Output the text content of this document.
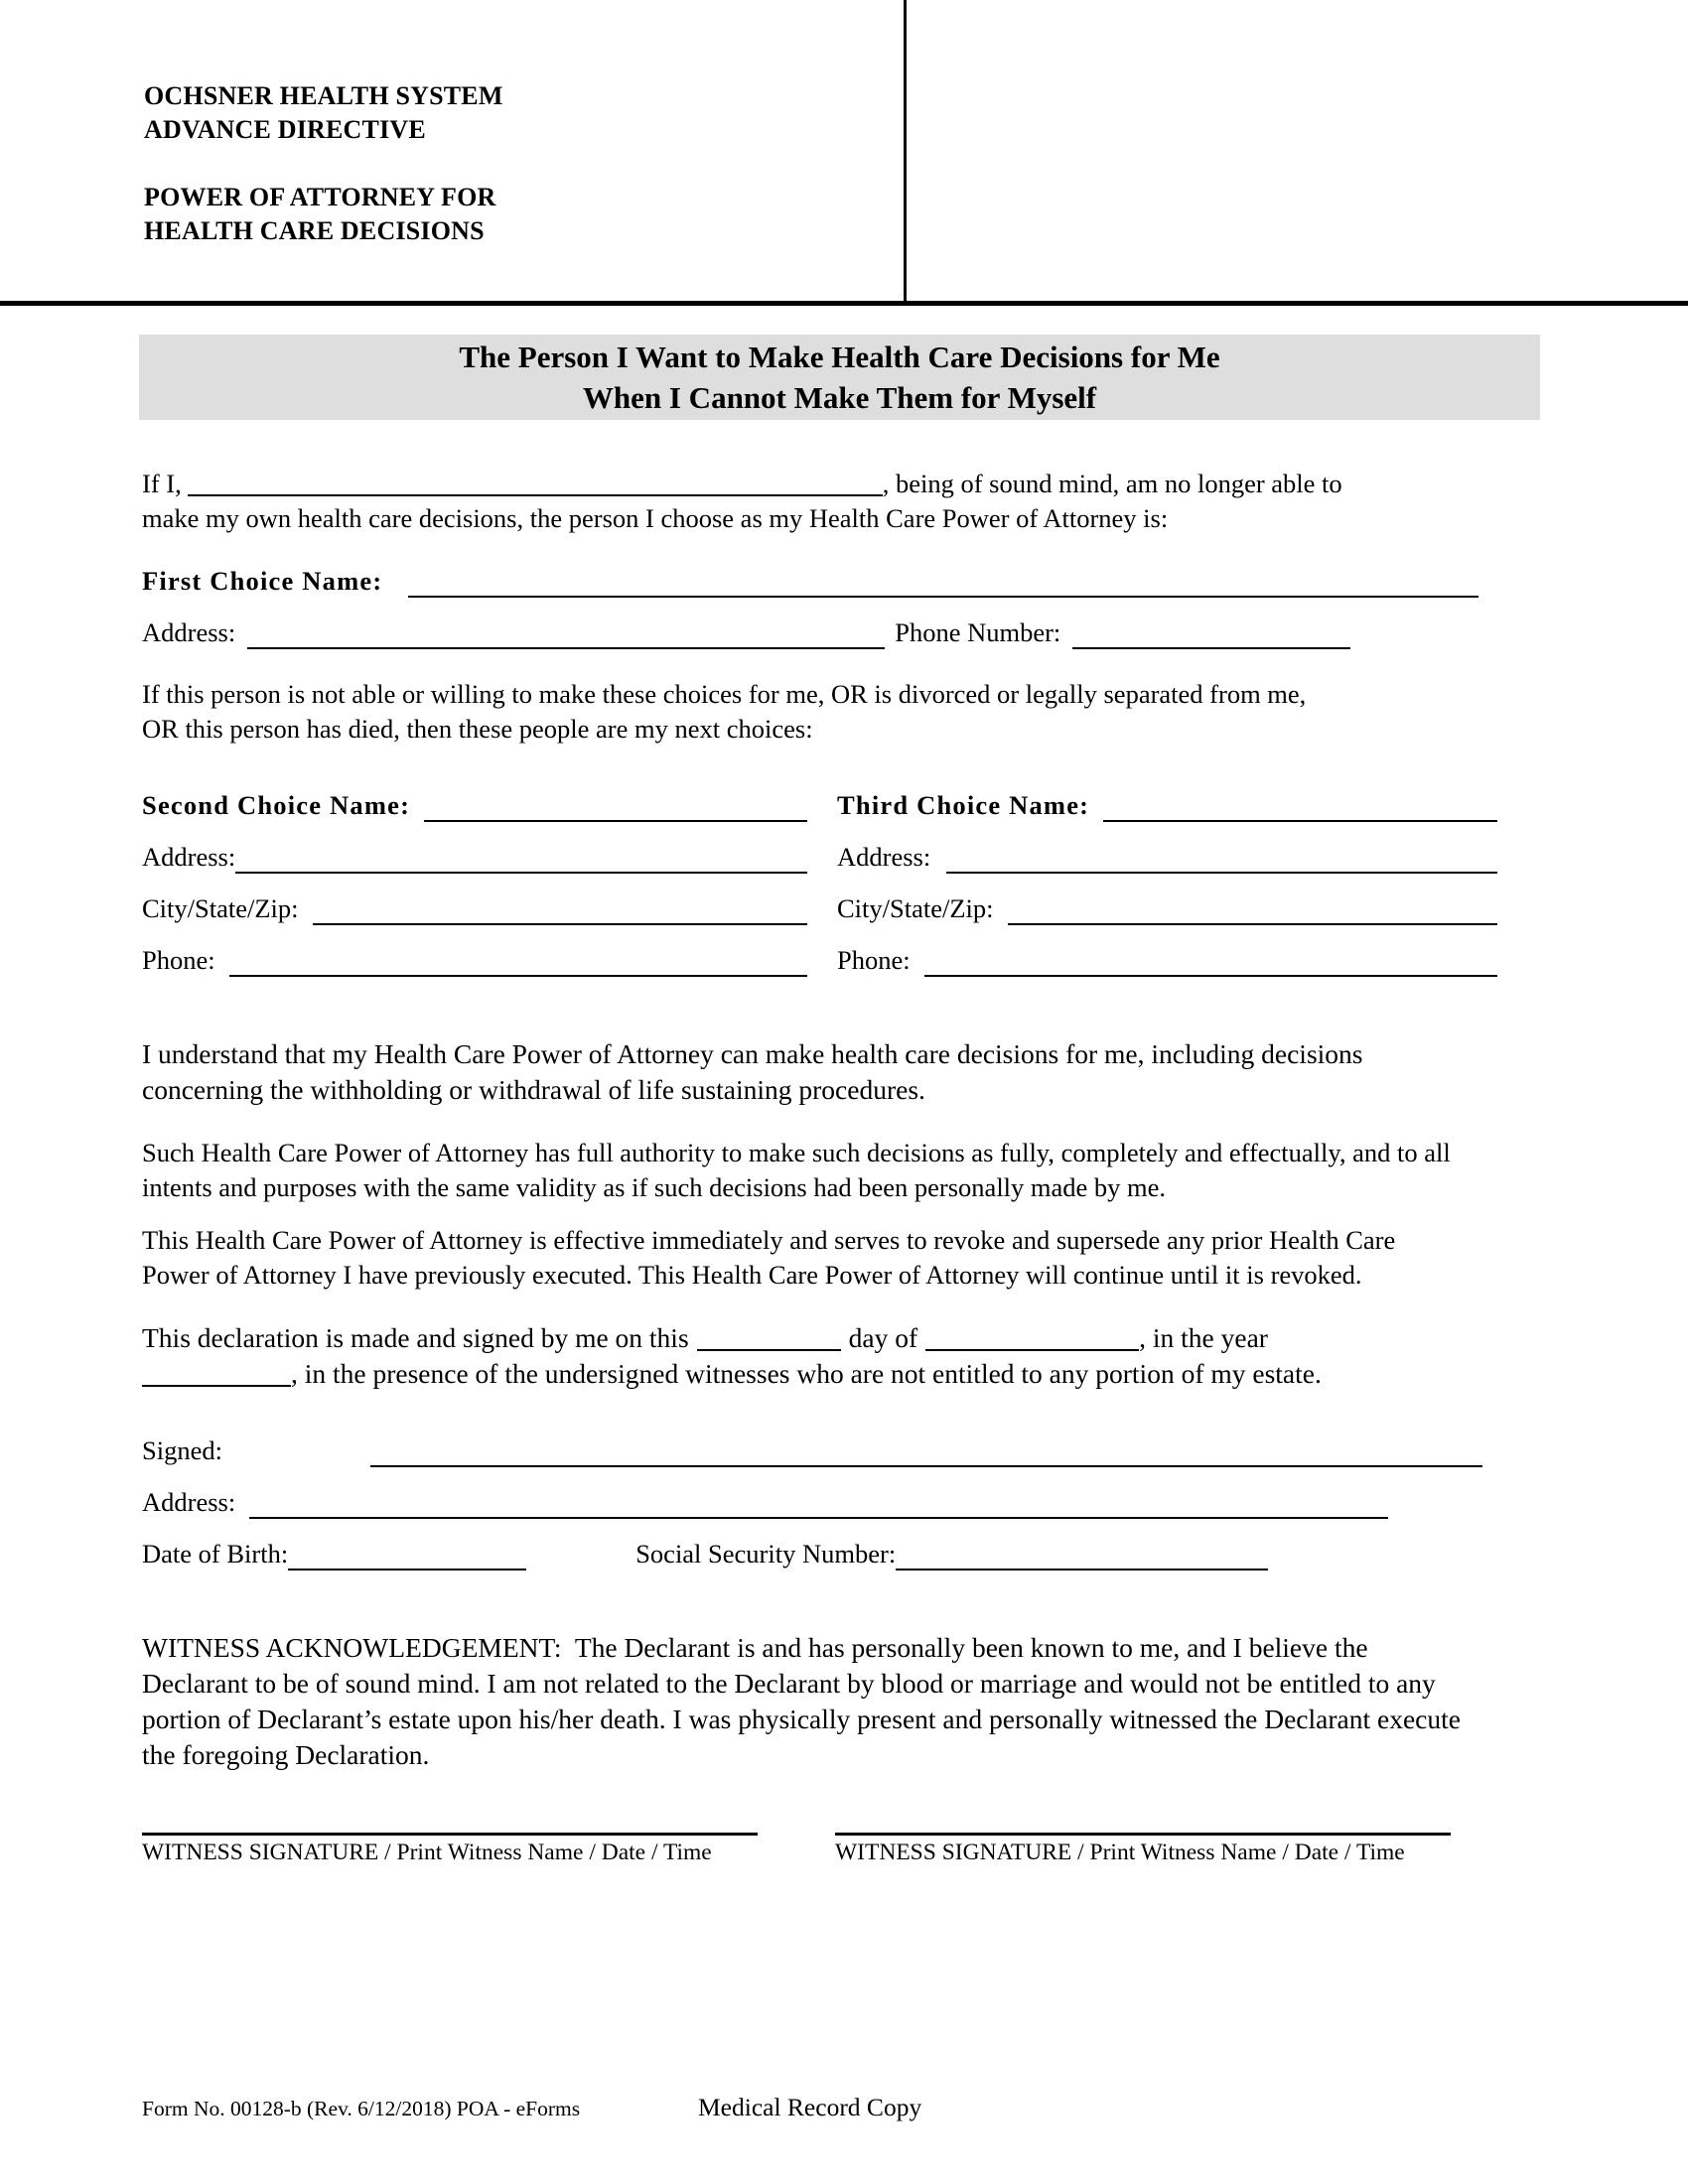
OCHSNER HEALTH SYSTEM
ADVANCE DIRECTIVE
POWER OF ATTORNEY FOR
HEALTH CARE DECISIONS
The Person I Want to Make Health Care Decisions for Me
When I Cannot Make Them for Myself
If I,	, being of sound mind, am no longer able to
make my own health care decisions, the person I choose as my Health Care Power of Attorney is:
First Choice Name:
Address:	Phone Number:
If this person is not able or willing to make these choices for me, OR is divorced or legally separated from me,
OR this person has died, then these people are my next choices:
Second Choice Name:	Third Choice Name:
Address:	Address:
City/State/Zip:	City/State/Zip:
Phone:	Phone:
I understand that my Health Care Power of Attorney can make health care decisions for me, including decisions concerning the withholding or withdrawal of life sustaining procedures.
Such Health Care Power of Attorney has full authority to make such decisions as fully, completely and effectually, and to all intents and purposes with the same validity as if such decisions had been personally made by me.
This Health Care Power of Attorney is effective immediately and serves to revoke and supersede any prior Health Care Power of Attorney I have previously executed. This Health Care Power of Attorney will continue until it is revoked.
This declaration is made and signed by me on this	day of	, in the year
, in the presence of the undersigned witnesses who are not entitled to any portion of my estate.
Signed:
Address:
Date of Birth:	Social Security Number:
WITNESS ACKNOWLEDGEMENT: The Declarant is and has personally been known to me, and I believe the Declarant to be of sound mind. I am not related to the Declarant by blood or marriage and would not be entitled to any portion of Declarant’s estate upon his/her death. I was physically present and personally witnessed the Declarant execute the foregoing Declaration.
WITNESS SIGNATURE / Print Witness Name / Date / Time	WITNESS SIGNATURE / Print Witness Name / Date / Time
Form No. 00128-b (Rev. 6/12/2018) POA - eForms	Medical Record Copy
